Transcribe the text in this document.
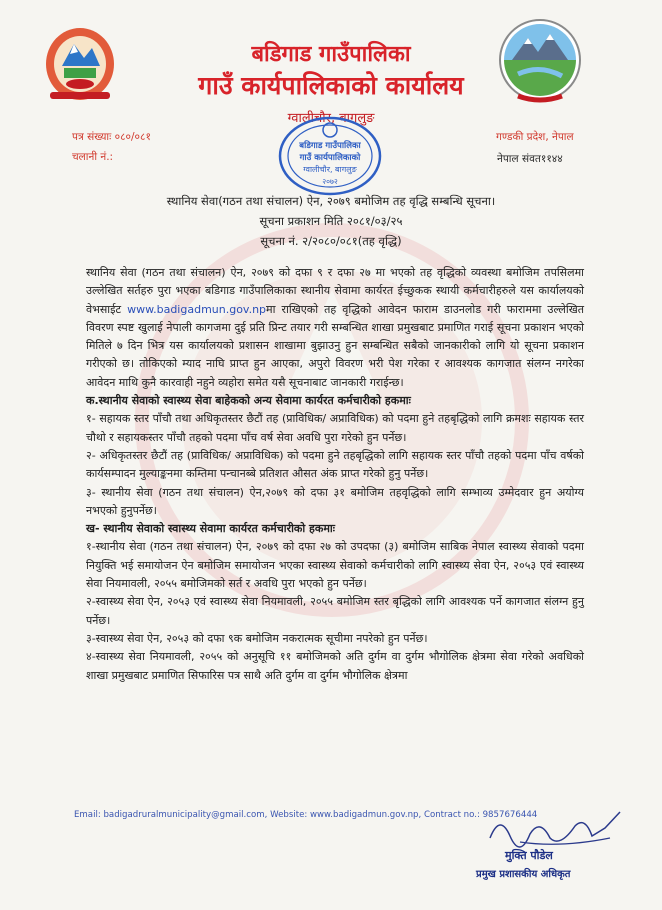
बडिगाड गाउँपालिका
गाउँ कार्यपालिकाको कार्यालय
ग्वालीचौर, बागलुङ
पत्र संख्याः ०८०/०८१
चलानी नं.:
गण्डकी प्रदेश, नेपाल
नेपाल संवत११४४
बडिगाड गाउँपालिका
गाउँ कार्यपालिकाको
ग्वालीचौर, बागलुङ
२०७२
स्थानिय सेवा(गठन तथा संचालन) ऐन, २०७९ बमोजिम तह वृद्धि सम्बन्धि सूचना।
सूचना प्रकाशन मिति २०८१/०३/२५
सूचना नं. २/२०८०/०८१(तह वृद्धि)

स्थानिय सेवा (गठन तथा संचालन) ऐन, २०७९ को दफा ९ र दफा २७ मा भएको तह वृद्धिको व्यवस्था बमोजिम तपसिलमा उल्लेखित सर्तहरु पुरा भएका बडिगाड गाउँपालिकाका स्थानीय सेवामा कार्यरत ईच्छुकक स्थायी कर्मचारीहरुले यस कार्यालयको वेभसाईट www.badigadmun.gov.npमा राखिएको तह वृद्धिको आवेदन फाराम डाउनलोड गरी फाराममा उल्लेखित विवरण स्पष्ट खुलाई नेपाली कागजमा दुई प्रति प्रिन्ट तयार गरी सम्बन्धित शाखा प्रमुखबाट प्रमाणित गराई सूचना प्रकाशन भएको मितिले ७ दिन भित्र यस कार्यालयको प्रशासन शाखामा बुझाउनु हुन सम्बन्धित सबैको जानकारीको लागि यो सूचना प्रकाशन गरीएको छ। तोकिएको म्याद नाघि प्राप्त हुन आएका, अपुरो विवरण भरी पेश गरेका र आवश्यक कागजात संलग्न नगरेका आवेदन माथि कुनै कारवाही नहुने व्यहोरा समेत यसै सूचनाबाट जानकारी गराईन्छ।

क.स्थानीय सेवाको स्वास्थ्य सेवा बाहेकको अन्य सेवामा कार्यरत कर्मचारीको हकमाः

१- सहायक स्तर पाँचौ तथा अधिकृतस्तर छैटौं तह (प्राविधिक/ अप्राविधिक) को पदमा हुने तहबृद्धिको लागि क्रमशः सहायक स्तर चौथो र सहायकस्तर पाँचौ तहको पदमा पाँच वर्ष सेवा अवधि पुरा गरेको हुन पर्नेछ।

२- अधिकृतस्तर छैटौं तह (प्राविधिक/ अप्राविधिक) को पदमा हुने तहबृद्धिको लागि सहायक स्तर पाँचौ तहको पदमा पाँच वर्षको कार्यसम्पादन मुल्याङ्कनमा कम्तिमा पन्चानब्बे प्रतिशत औसत अंक प्राप्त गरेको हुनु पर्नेछ।

३- स्थानीय सेवा (गठन तथा संचालन) ऐन,२०७९ को दफा ३१ बमोजिम तहवृद्धिको लागि सम्भाव्य उम्मेदवार हुन अयोग्य नभएको हुनुपर्नेछ।

ख- स्थानीय सेवाको स्वास्थ्य सेवामा कार्यरत कर्मचारीको हकमाः

१-स्थानीय सेवा (गठन तथा संचालन) ऐन, २०७९ को दफा २७ को उपदफा (३) बमोजिम साबिक नेपाल स्वास्थ्य सेवाको पदमा नियुक्ति भई समायोजन ऐन बमोजिम समायोजन भएका स्वास्थ्य सेवाको कर्मचारीको लागि स्वास्थ्य सेवा ऐन, २०५३ एवं स्वास्थ्य सेवा नियमावली, २०५५ बमोजिमको सर्त र अवधि पुरा भएको हुन पर्नेछ।

२-स्वास्थ्य सेवा ऐन, २०५३ एवं स्वास्थ्य सेवा नियमावली, २०५५ बमोजिम स्तर बृद्धिको लागि आवश्यक पर्ने कागजात संलग्न हुनु पर्नेछ।

३-स्वास्थ्य सेवा ऐन, २०५३ को दफा ९क बमोजिम नकरात्मक सूचीमा नपरेको हुन पर्नेछ।

४-स्वास्थ्य सेवा नियमावली, २०५५ को अनुसूचि ११ बमोजिमको अति दुर्गम वा दुर्गम भौगोलिक क्षेत्रमा सेवा गरेको अवधिको शाखा प्रमुखबाट प्रमाणित सिफारिस पत्र साथै अति दुर्गम वा दुर्गम भौगोलिक क्षेत्रमा

Email: badigadruralmunicipality@gmail.com, Website: www.badigadmun.gov.np, Contract no.: 9857676444
मुक्ति पौडेल
प्रमुख प्रशासकीय अधिकृत
